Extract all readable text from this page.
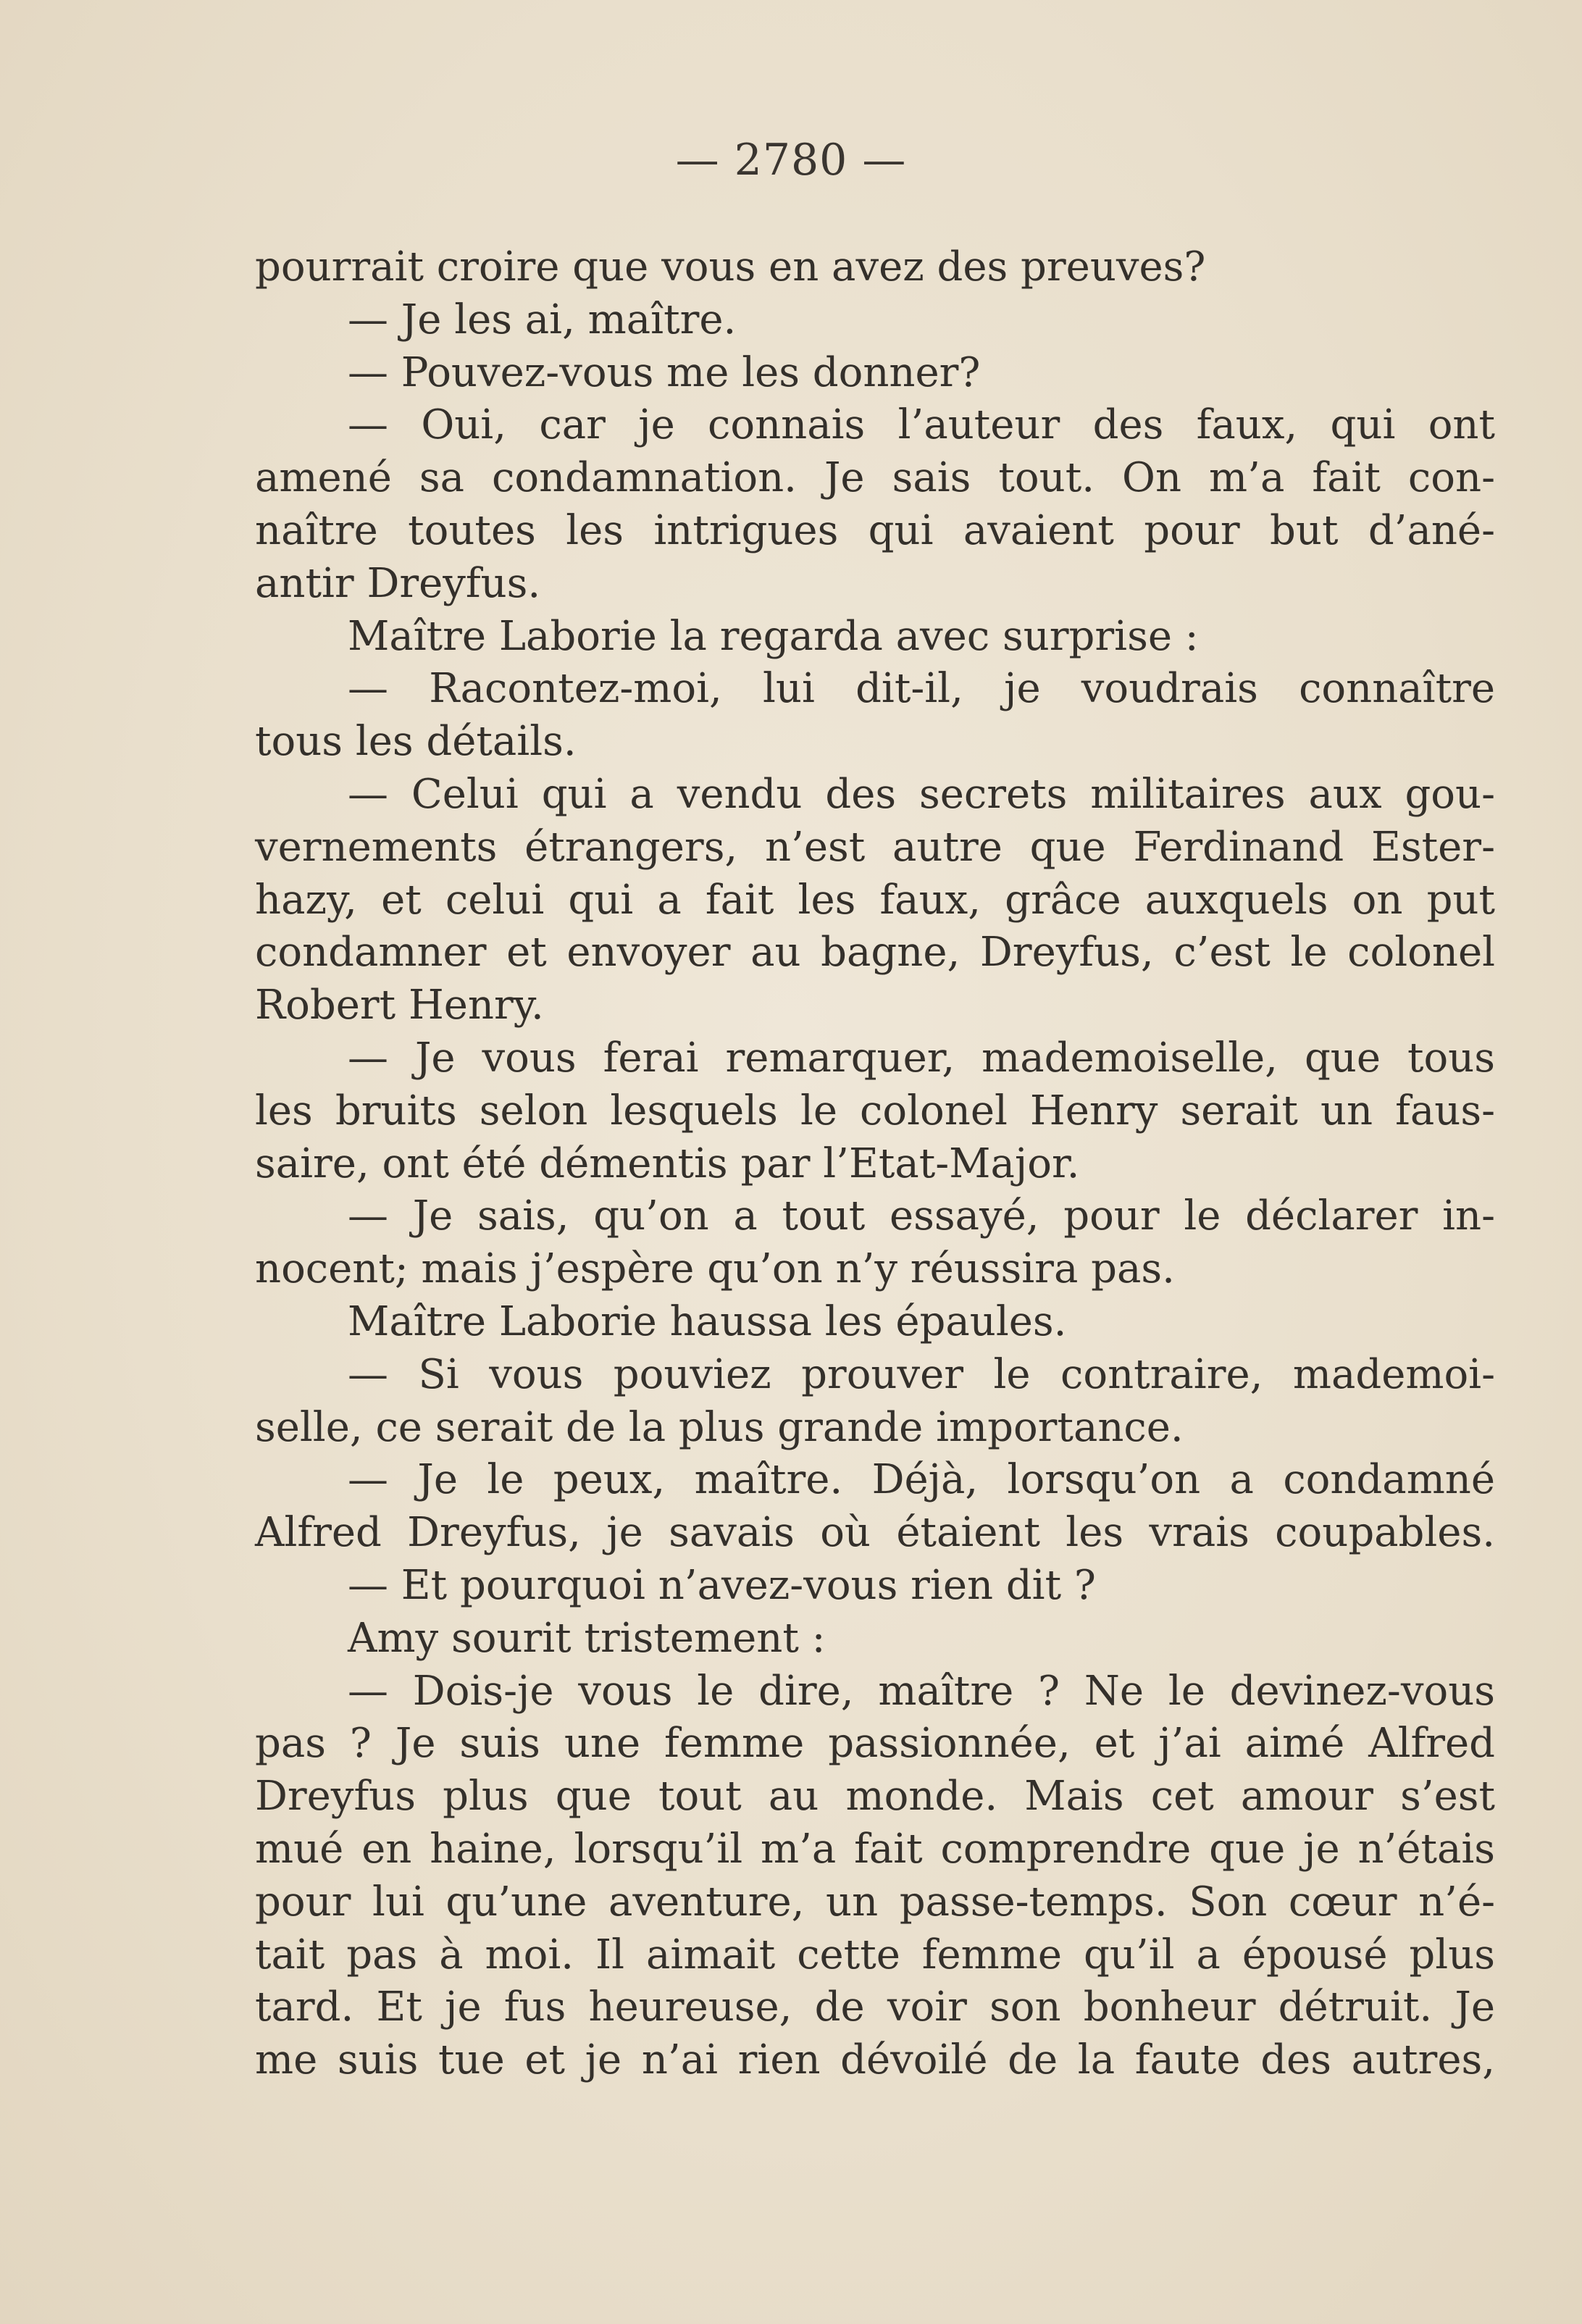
— 2780 —
pourrait croire que vous en avez des preuves?
— Je les ai, maître.
— Pouvez-vous me les donner?
— Oui, car je connais l’auteur des faux, qui ont
amené sa condamnation. Je sais tout. On m’a fait con-
naître toutes les intrigues qui avaient pour but d’ané-
antir Dreyfus.
Maître Laborie la regarda avec surprise :
— Racontez-moi, lui dit-il, je voudrais connaître
tous les détails.
— Celui qui a vendu des secrets militaires aux gou-
vernements étrangers, n’est autre que Ferdinand Ester-
hazy, et celui qui a fait les faux, grâce auxquels on put
condamner et envoyer au bagne, Dreyfus, c’est le colonel
Robert Henry.
— Je vous ferai remarquer, mademoiselle, que tous
les bruits selon lesquels le colonel Henry serait un faus-
saire, ont été démentis par l’Etat-Major.
— Je sais, qu’on a tout essayé, pour le déclarer in-
nocent; mais j’espère qu’on n’y réussira pas.
Maître Laborie haussa les épaules.
— Si vous pouviez prouver le contraire, mademoi-
selle, ce serait de la plus grande importance.
— Je le peux, maître. Déjà, lorsqu’on a condamné
Alfred Dreyfus, je savais où étaient les vrais coupables.
— Et pourquoi n’avez-vous rien dit ?
Amy sourit tristement :
— Dois-je vous le dire, maître ? Ne le devinez-vous
pas ? Je suis une femme passionnée, et j’ai aimé Alfred
Dreyfus plus que tout au monde. Mais cet amour s’est
mué en haine, lorsqu’il m’a fait comprendre que je n’étais
pour lui qu’une aventure, un passe-temps. Son cœur n’é-
tait pas à moi. Il aimait cette femme qu’il a épousé plus
tard. Et je fus heureuse, de voir son bonheur détruit. Je
me suis tue et je n’ai rien dévoilé de la faute des autres,
